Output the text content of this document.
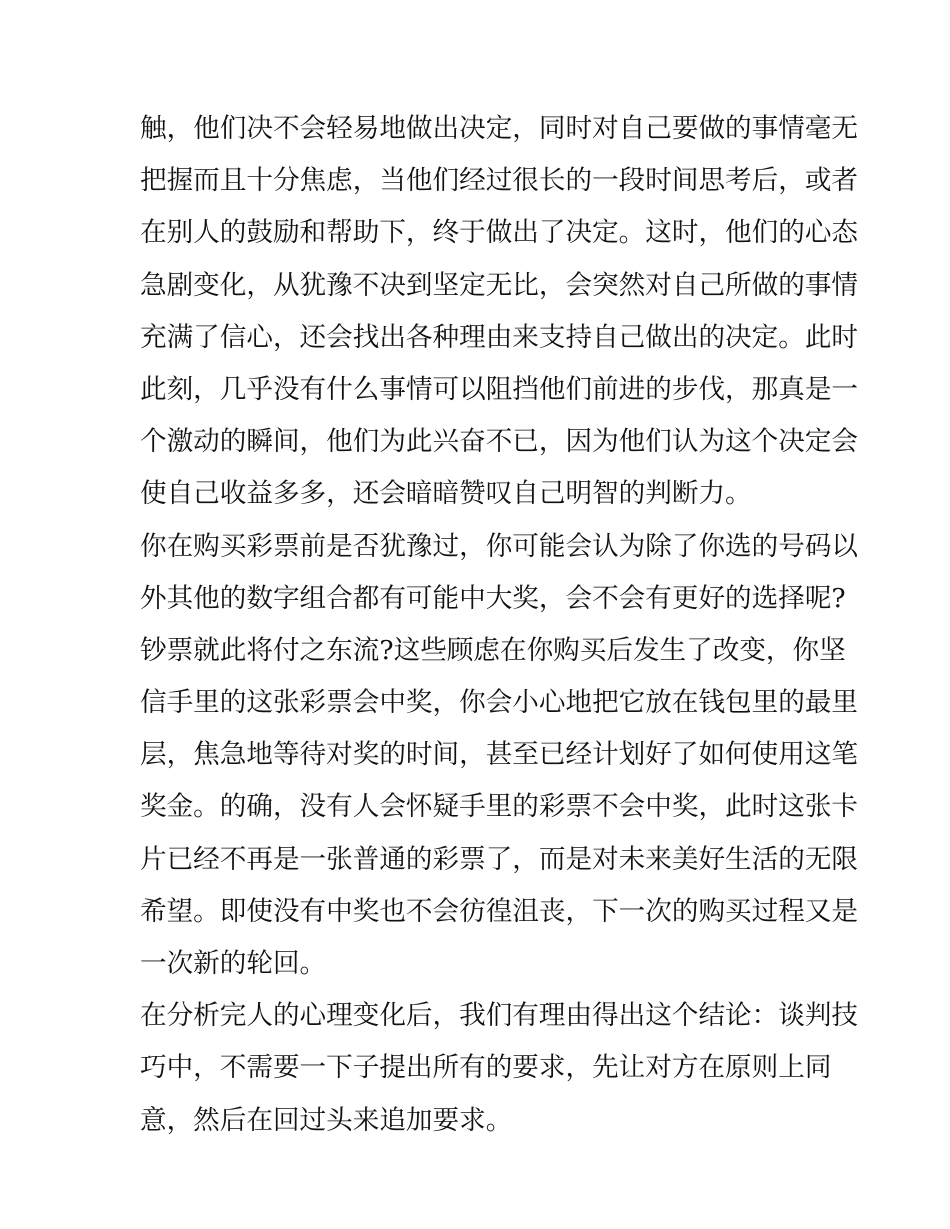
触，他们决不会轻易地做出决定，同时对自己要做的事情毫无
把握而且十分焦虑，当他们经过很长的一段时间思考后，或者
在别人的鼓励和帮助下，终于做出了决定。这时，他们的心态
急剧变化，从犹豫不决到坚定无比，会突然对自己所做的事情
充满了信心，还会找出各种理由来支持自己做出的决定。此时
此刻，几乎没有什么事情可以阻挡他们前进的步伐，那真是一
个激动的瞬间，他们为此兴奋不已，因为他们认为这个决定会
使自己收益多多，还会暗暗赞叹自己明智的判断力。
你在购买彩票前是否犹豫过，你可能会认为除了你选的号码以
外其他的数字组合都有可能中大奖，会不会有更好的选择呢?
钞票就此将付之东流?这些顾虑在你购买后发生了改变，你坚
信手里的这张彩票会中奖，你会小心地把它放在钱包里的最里
层，焦急地等待对奖的时间，甚至已经计划好了如何使用这笔
奖金。的确，没有人会怀疑手里的彩票不会中奖，此时这张卡
片已经不再是一张普通的彩票了，而是对未来美好生活的无限
希望。即使没有中奖也不会彷徨沮丧，下一次的购买过程又是
一次新的轮回。
在分析完人的心理变化后，我们有理由得出这个结论：谈判技
巧中，不需要一下子提出所有的要求，先让对方在原则上同
意，然后在回过头来追加要求。
